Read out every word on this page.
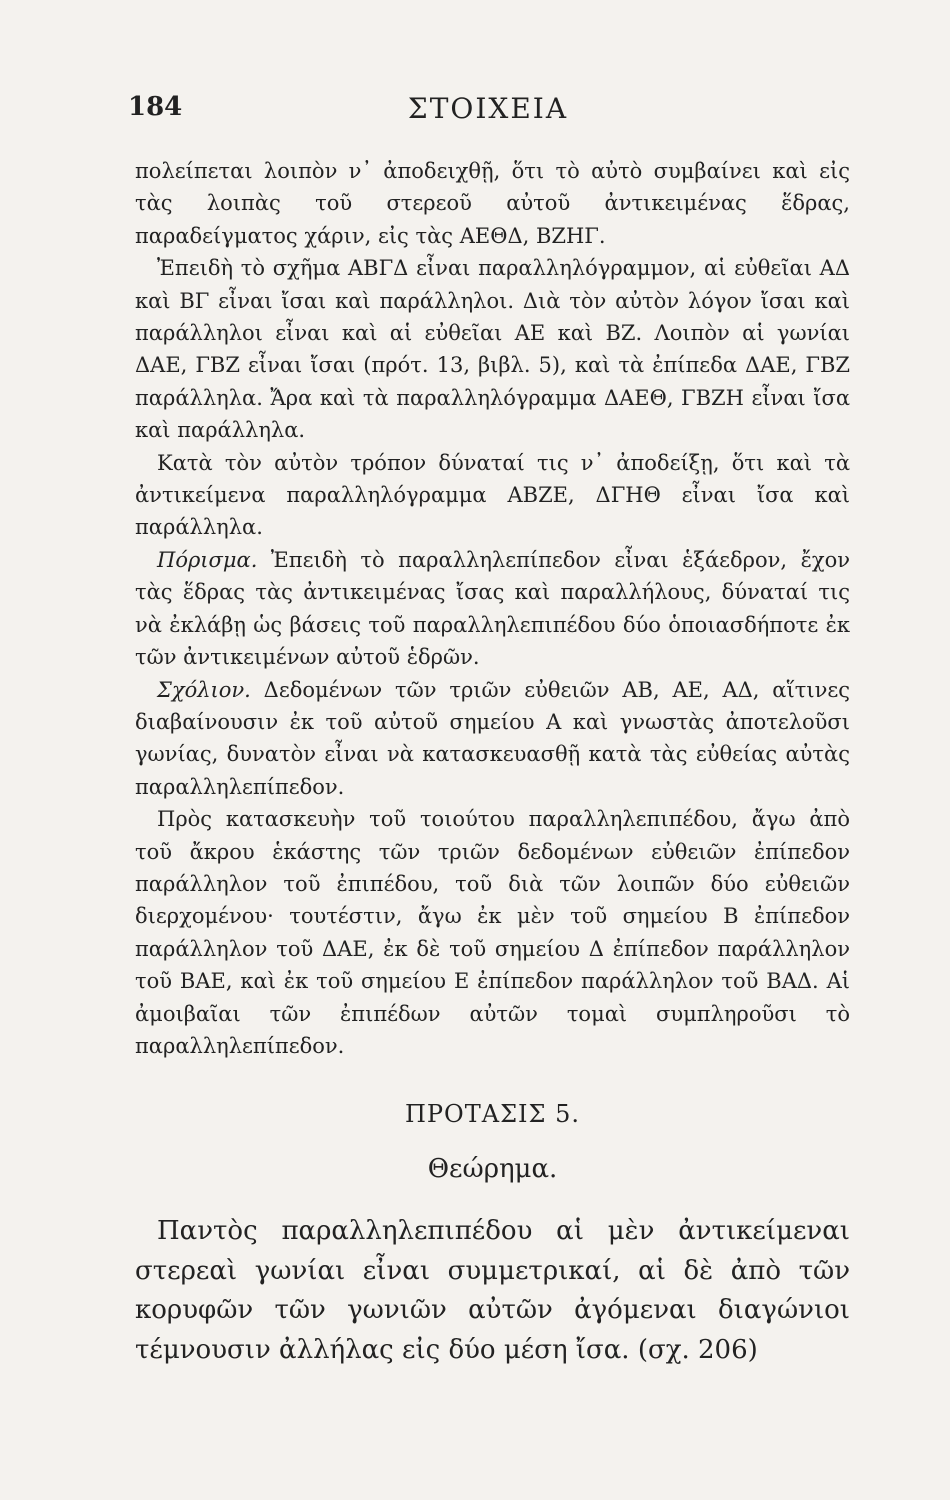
184	ΣΤΟΙΧΕΙΑ

πολείπεται λοιπὸν ν᾽ ἀποδειχθῇ, ὅτι τὸ αὐτὸ συμβαίνει καὶ εἰς τὰς λοιπὰς τοῦ στερεοῦ αὐτοῦ ἀντικειμένας ἕδρας, παραδείγματος χάριν, εἰς τὰς ΑΕΘΔ, ΒΖΗΓ.

Ἐπειδὴ τὸ σχῆμα ΑΒΓΔ εἶναι παραλληλόγραμμον, αἱ εὐθεῖαι ΑΔ καὶ ΒΓ εἶναι ἴσαι καὶ παράλληλοι. Διὰ τὸν αὐτὸν λόγον ἴσαι καὶ παράλληλοι εἶναι καὶ αἱ εὐθεῖαι ΑΕ καὶ ΒΖ. Λοιπὸν αἱ γωνίαι ΔΑΕ, ΓΒΖ εἶναι ἴσαι (πρότ. 13, βιβλ. 5), καὶ τὰ ἐπίπεδα ΔΑΕ, ΓΒΖ παράλληλα. Ἄρα καὶ τὰ παραλληλόγραμμα ΔΑΕΘ, ΓΒΖΗ εἶναι ἴσα καὶ παράλληλα.

Κατὰ τὸν αὐτὸν τρόπον δύναταί τις ν᾽ ἀποδείξῃ, ὅτι καὶ τὰ ἀντικείμενα παραλληλόγραμμα ΑΒΖΕ, ΔΓΗΘ εἶναι ἴσα καὶ παράλληλα.

Πόρισμα. Ἐπειδὴ τὸ παραλληλεπίπεδον εἶναι ἑξάεδρον, ἔχον τὰς ἕδρας τὰς ἀντικειμένας ἴσας καὶ παραλλήλους, δύναταί τις νὰ ἐκλάβῃ ὡς βάσεις τοῦ παραλληλεπιπέδου δύο ὁποιασδήποτε ἐκ τῶν ἀντικειμένων αὐτοῦ ἑδρῶν.

Σχόλιον. Δεδομένων τῶν τριῶν εὐθειῶν ΑΒ, ΑΕ, ΑΔ, αἵτινες διαβαίνουσιν ἐκ τοῦ αὐτοῦ σημείου Α καὶ γνωστὰς ἀποτελοῦσι γωνίας, δυνατὸν εἶναι νὰ κατασκευασθῇ κατὰ τὰς εὐθείας αὐτὰς παραλληλεπίπεδον.

Πρὸς κατασκευὴν τοῦ τοιούτου παραλληλεπιπέδου, ἄγω ἀπὸ τοῦ ἄκρου ἑκάστης τῶν τριῶν δεδομένων εὐθειῶν ἐπίπεδον παράλληλον τοῦ ἐπιπέδου, τοῦ διὰ τῶν λοιπῶν δύο εὐθειῶν διερχομένου· τουτέστιν, ἄγω ἐκ μὲν τοῦ σημείου Β ἐπίπεδον παράλληλον τοῦ ΔΑΕ, ἐκ δὲ τοῦ σημείου Δ ἐπίπεδον παράλληλον τοῦ ΒΑΕ, καὶ ἐκ τοῦ σημείου Ε ἐπίπεδον παράλληλον τοῦ ΒΑΔ. Αἱ ἀμοιβαῖαι τῶν ἐπιπέδων αὐτῶν τομαὶ συμπληροῦσι τὸ παραλληλεπίπεδον.

ΠΡΟΤΑΣΙΣ 5.
Θεώρημα.

Παντὸς παραλληλεπιπέδου αἱ μὲν ἀντικείμεναι στερεαὶ γωνίαι εἶναι συμμετρικαί, αἱ δὲ ἀπὸ τῶν κορυφῶν τῶν γωνιῶν αὐτῶν ἀγόμεναι διαγώνιοι τέμνουσιν ἀλλήλας εἰς δύο μέση ἴσα. (σχ. 206)
